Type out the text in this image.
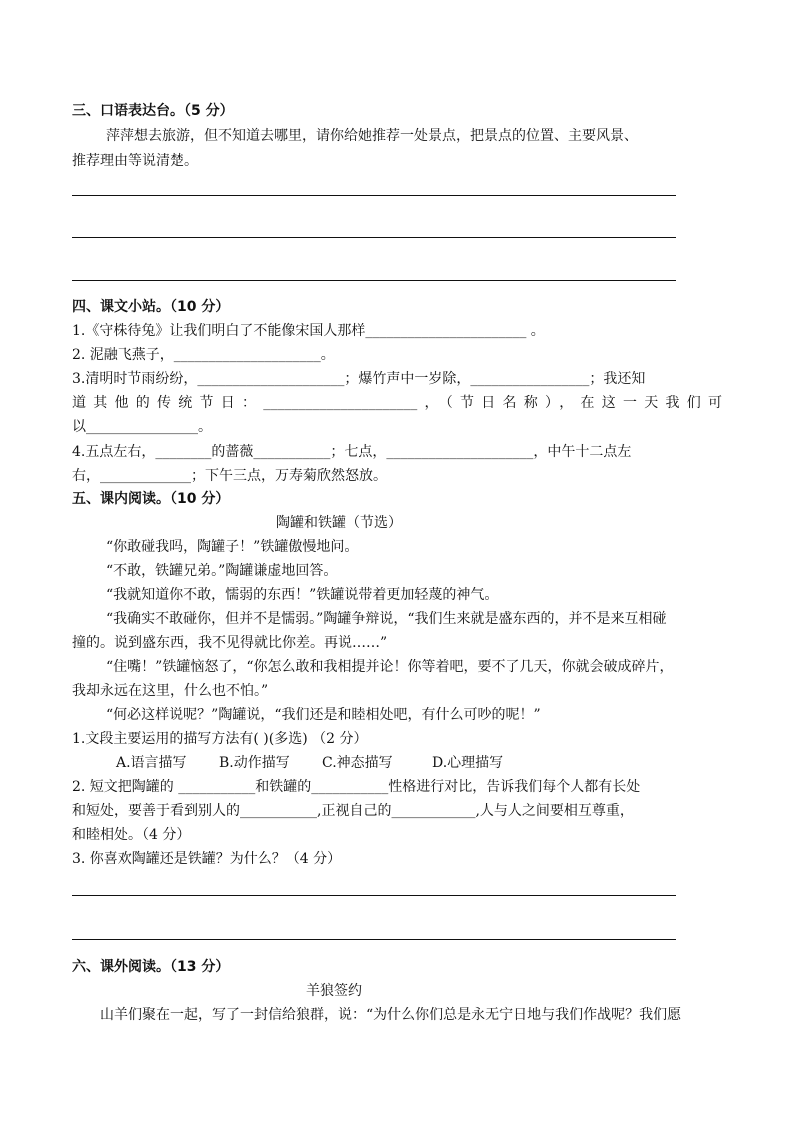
三、口语表达台。（5 分）
萍萍想去旅游，但不知道去哪里，请你给她推荐一处景点，把景点的位置、主要风景、
推荐理由等说清楚。
四、课文小站。（10 分）
1.《守株待兔》让我们明白了不能像宋国人那样_______________________ 。
2. 泥融飞燕子，_____________________。
3.清明时节雨纷纷，_____________________；爆竹声中一岁除，_________________；我还知
道其他的传统节日：______________________，（节日名称），在这一天我们可
以________________。
4.五点左右，________的蔷薇___________；七点，_____________________，中午十二点左
右，_____________；下午三点，万寿菊欣然怒放。
五、课内阅读。（10 分）
陶罐和铁罐（节选）
“你敢碰我吗，陶罐子！”铁罐傲慢地问。
“不敢，铁罐兄弟。”陶罐谦虚地回答。
“我就知道你不敢，懦弱的东西！”铁罐说带着更加轻蔑的神气。
“我确实不敢碰你，但并不是懦弱。”陶罐争辩说，“我们生来就是盛东西的，并不是来互相碰
撞的。说到盛东西，我不见得就比你差。再说……”
“住嘴！”铁罐恼怒了，“你怎么敢和我相提并论！你等着吧，要不了几天，你就会破成碎片，
我却永远在这里，什么也不怕。”
“何必这样说呢？”陶罐说，“我们还是和睦相处吧，有什么可吵的呢！”
1.文段主要运用的描写方法有( )(多选) （2 分）
A.语言描写 B.动作描写 C.神态描写	D.心理描写
2. 短文把陶罐的 ___________和铁罐的___________性格进行对比，告诉我们每个人都有长处
和短处，要善于看到别人的___________,正视自己的____________,人与人之间要相互尊重，
和睦相处。（4 分）
3. 你喜欢陶罐还是铁罐？为什么？（4 分）
六、课外阅读。（13 分）
羊狼签约
山羊们聚在一起，写了一封信给狼群，说：“为什么你们总是永无宁日地与我们作战呢？我们愿
